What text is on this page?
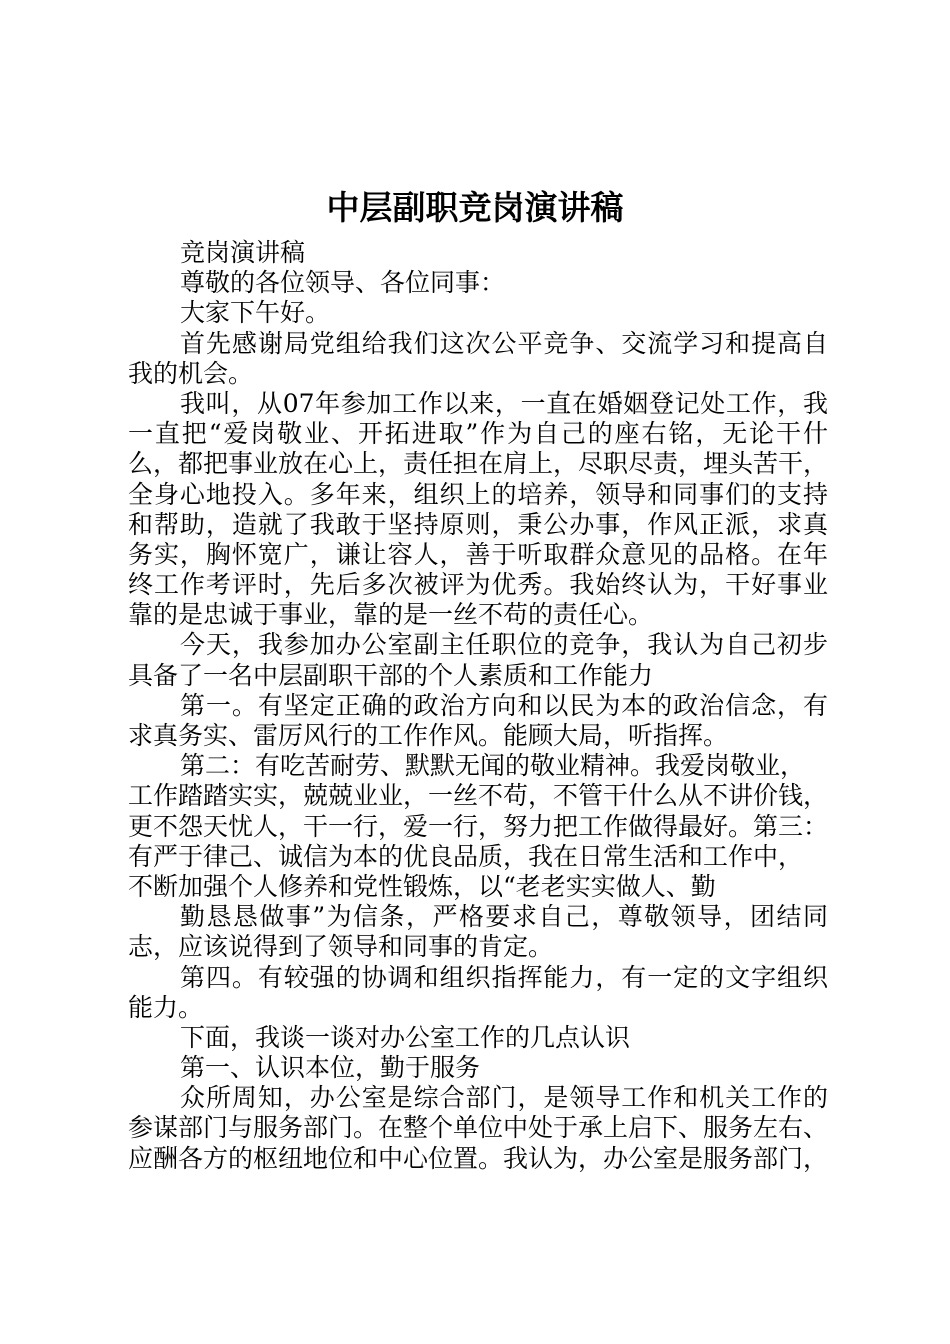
中层副职竞岗演讲稿
竞岗演讲稿
尊敬的各位领导、各位同事：
大家下午好。
首先感谢局党组给我们这次公平竞争、交流学习和提高自
我的机会。
我叫，从07年参加工作以来，一直在婚姻登记处工作，我
一直把“爱岗敬业、开拓进取”作为自己的座右铭，无论干什
么，都把事业放在心上，责任担在肩上，尽职尽责，埋头苦干，
全身心地投入。多年来，组织上的培养，领导和同事们的支持
和帮助，造就了我敢于坚持原则，秉公办事，作风正派，求真
务实，胸怀宽广，谦让容人，善于听取群众意见的品格。在年
终工作考评时，先后多次被评为优秀。我始终认为，干好事业
靠的是忠诚于事业，靠的是一丝不苟的责任心。
今天，我参加办公室副主任职位的竞争，我认为自己初步
具备了一名中层副职干部的个人素质和工作能力
第一。有坚定正确的政治方向和以民为本的政治信念，有
求真务实、雷厉风行的工作作风。能顾大局，听指挥。
第二：有吃苦耐劳、默默无闻的敬业精神。我爱岗敬业，
工作踏踏实实，兢兢业业，一丝不苟，不管干什么从不讲价钱，
更不怨天忧人，干一行，爱一行，努力把工作做得最好。第三：
有严于律己、诚信为本的优良品质，我在日常生活和工作中，
不断加强个人修养和党性锻炼，以“老老实实做人、勤
勤恳恳做事”为信条，严格要求自己，尊敬领导，团结同
志，应该说得到了领导和同事的肯定。
第四。有较强的协调和组织指挥能力，有一定的文字组织
能力。
下面，我谈一谈对办公室工作的几点认识
第一、认识本位，勤于服务
众所周知，办公室是综合部门，是领导工作和机关工作的
参谋部门与服务部门。在整个单位中处于承上启下、服务左右、
应酬各方的枢纽地位和中心位置。我认为，办公室是服务部门，
